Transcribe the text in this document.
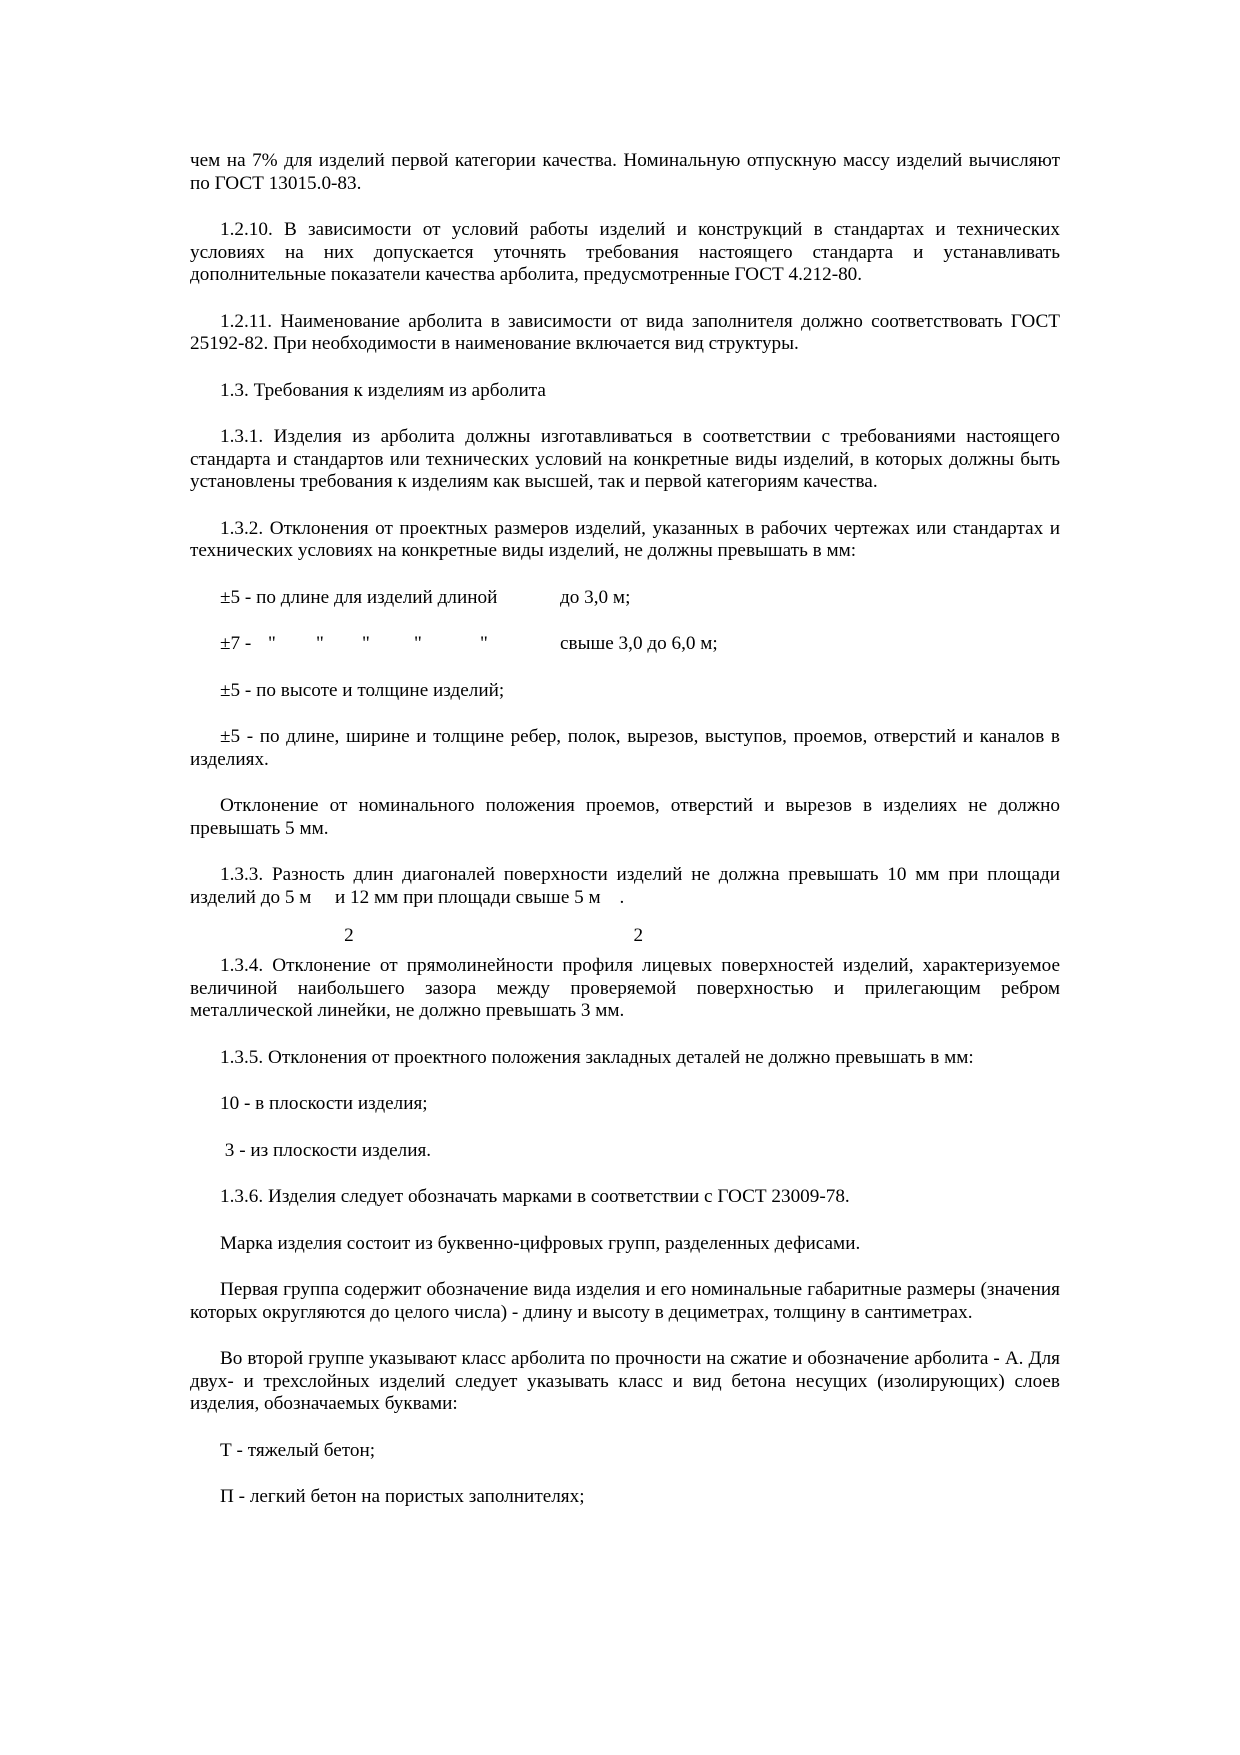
чем на 7% для изделий первой категории качества. Номинальную отпускную массу изделий вычисляют по ГОСТ 13015.0-83.

1.2.10. В зависимости от условий работы изделий и конструкций в стандартах и технических условиях на них допускается уточнять требования настоящего стандарта и устанавливать дополнительные показатели качества арболита, предусмотренные ГОСТ 4.212-80.

1.2.11. Наименование арболита в зависимости от вида заполнителя должно соответствовать ГОСТ 25192-82. При необходимости в наименование включается вид структуры.

1.3. Требования к изделиям из арболита

1.3.1. Изделия из арболита должны изготавливаться в соответствии с требованиями настоящего стандарта и стандартов или технических условий на конкретные виды изделий, в которых должны быть установлены требования к изделиям как высшей, так и первой категориям качества.

1.3.2. Отклонения от проектных размеров изделий, указанных в рабочих чертежах или стандартах и технических условиях на конкретные виды изделий, не должны превышать в мм:

±5 - по длине для изделий длиной	до 3,0 м;
±7 - " " " "	"	свыше 3,0 до 6,0 м;

±5 - по высоте и толщине изделий;

±5 - по длине, ширине и толщине ребер, полок, вырезов, выступов, проемов, отверстий и каналов в изделиях.

Отклонение от номинального положения проемов, отверстий и вырезов в изделиях не должно превышать 5 мм.

1.3.3. Разность длин диагоналей поверхности изделий не должна превышать 10 мм при площади изделий до 5 м
2
и 12 мм при площади свыше 5 м
2
.

1.3.4. Отклонение от прямолинейности профиля лицевых поверхностей изделий, характеризуемое величиной наибольшего зазора между проверяемой поверхностью и прилегающим ребром металлической линейки, не должно превышать 3 мм.

1.3.5. Отклонения от проектного положения закладных деталей не должно превышать в мм:

10 - в плоскости изделия;

3 - из плоскости изделия.

1.3.6. Изделия следует обозначать марками в соответствии с ГОСТ 23009-78.

Марка изделия состоит из буквенно-цифровых групп, разделенных дефисами.

Первая группа содержит обозначение вида изделия и его номинальные габаритные размеры (значения которых округляются до целого числа) - длину и высоту в дециметрах, толщину в сантиметрах.

Во второй группе указывают класс арболита по прочности на сжатие и обозначение арболита - А. Для двух- и трехслойных изделий следует указывать класс и вид бетона несущих (изолирующих) слоев изделия, обозначаемых буквами:

Т - тяжелый бетон;

П - легкий бетон на пористых заполнителях;
